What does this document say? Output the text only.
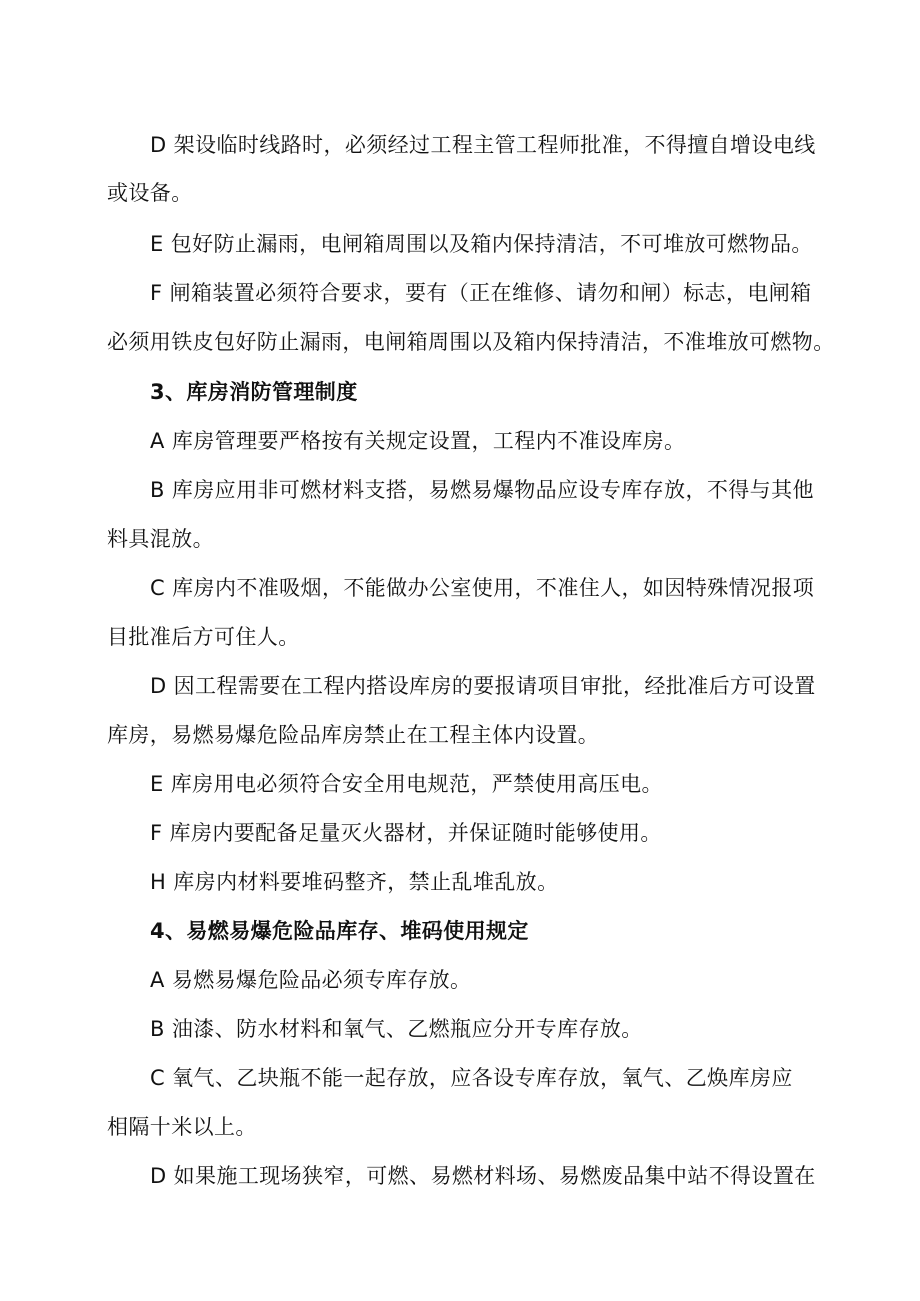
D 架设临时线路时，必须经过工程主管工程师批准，不得擅自增设电线
或设备。
E 包好防止漏雨，电闸箱周围以及箱内保持清洁，不可堆放可燃物品。
F 闸箱装置必须符合要求，要有（正在维修、请勿和闸）标志，电闸箱
必须用铁皮包好防止漏雨，电闸箱周围以及箱内保持清洁，不准堆放可燃物。
3、库房消防管理制度
A 库房管理要严格按有关规定设置，工程内不准设库房。
B 库房应用非可燃材料支搭，易燃易爆物品应设专库存放，不得与其他
料具混放。
C 库房内不准吸烟，不能做办公室使用，不准住人，如因特殊情况报项
目批准后方可住人。
D 因工程需要在工程内搭设库房的要报请项目审批，经批准后方可设置
库房，易燃易爆危险品库房禁止在工程主体内设置。
E 库房用电必须符合安全用电规范，严禁使用高压电。
F 库房内要配备足量灭火器材，并保证随时能够使用。
H 库房内材料要堆码整齐，禁止乱堆乱放。
4、易燃易爆危险品库存、堆码使用规定
A 易燃易爆危险品必须专库存放。
B 油漆、防水材料和氧气、乙燃瓶应分开专库存放。
C 氧气、乙块瓶不能一起存放，应各设专库存放，氧气、乙焕库房应
相隔十米以上。
D 如果施工现场狭窄，可燃、易燃材料场、易燃废品集中站不得设置在
